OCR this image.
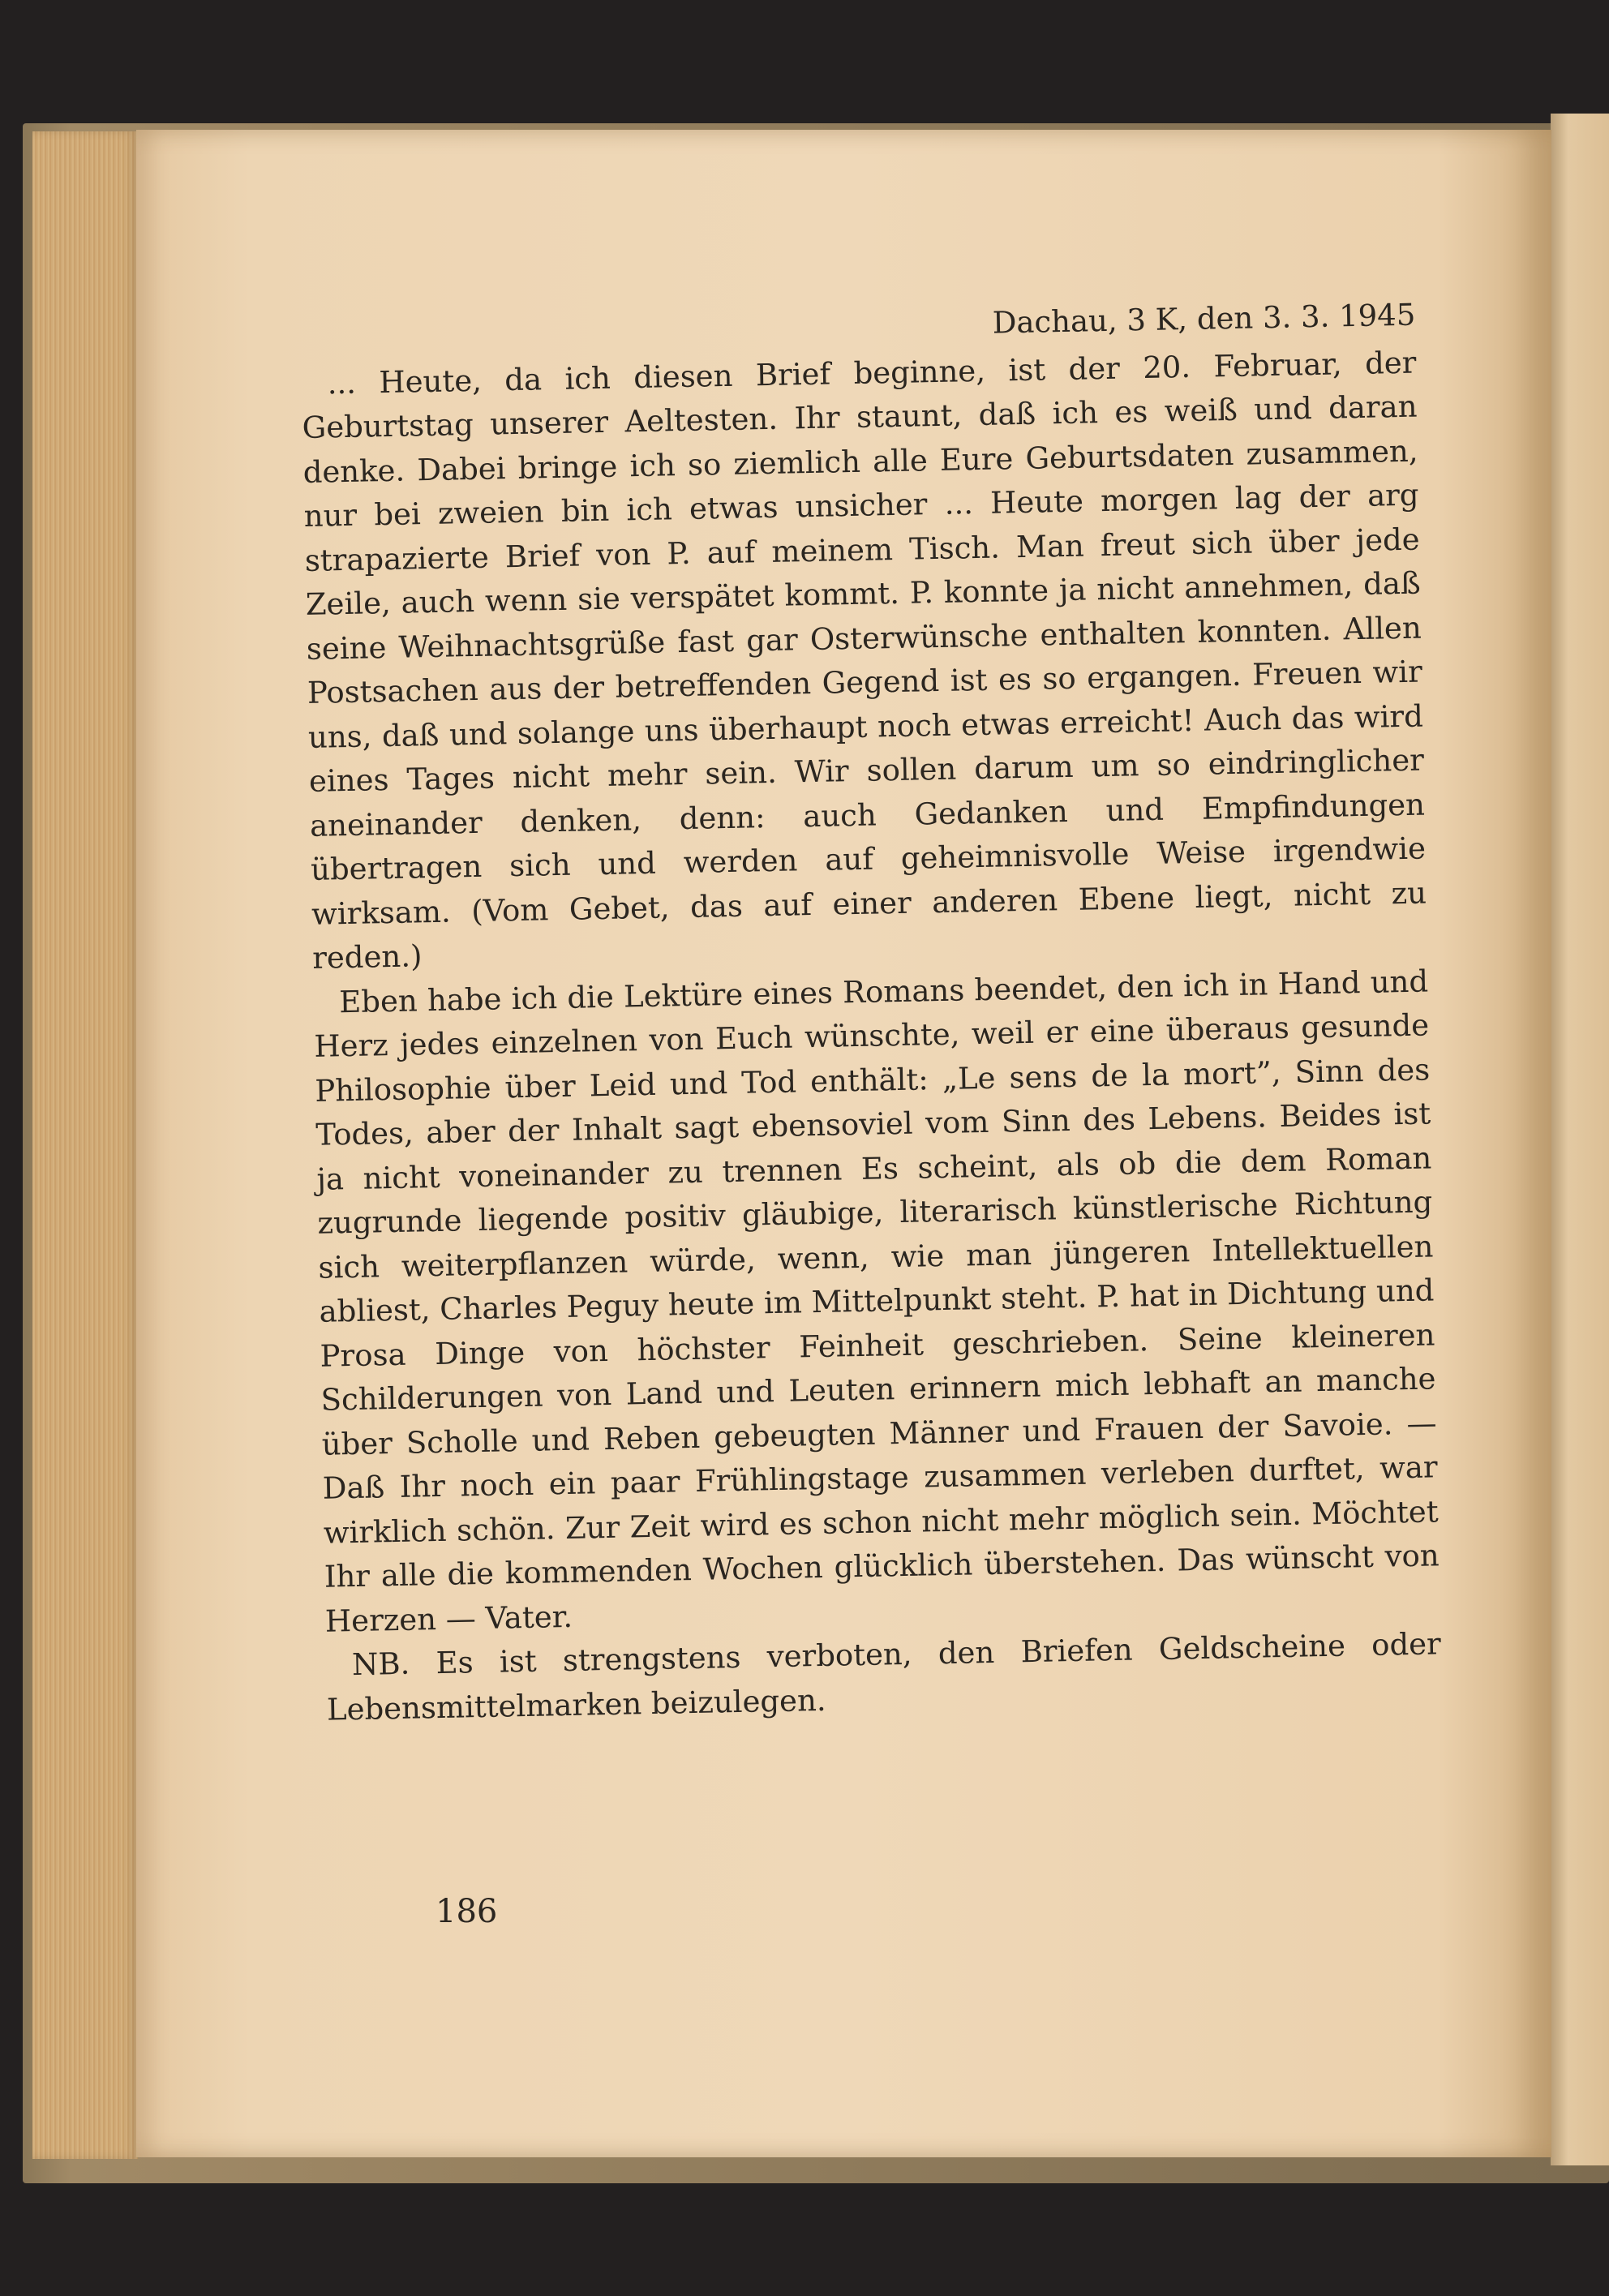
Dachau, 3 K, den 3. 3. 1945

... Heute, da ich diesen Brief beginne, ist der 20. Februar, der Geburtstag unserer Aeltesten. Ihr staunt, daß ich es weiß und daran denke. Dabei bringe ich so ziemlich alle Eure Geburtsdaten zusammen, nur bei zweien bin ich etwas unsicher ... Heute morgen lag der arg strapazierte Brief von P. auf meinem Tisch. Man freut sich über jede Zeile, auch wenn sie verspätet kommt. P. konnte ja nicht annehmen, daß seine Weihnachtsgrüße fast gar Osterwünsche enthalten konnten. Allen Postsachen aus der betreffenden Gegend ist es so ergangen. Freuen wir uns, daß und solange uns überhaupt noch etwas erreicht! Auch das wird eines Tages nicht mehr sein. Wir sollen darum um so eindringlicher aneinander denken, denn: auch Gedanken und Empfindungen übertragen sich und werden auf geheimnisvolle Weise irgendwie wirksam. (Vom Gebet, das auf einer anderen Ebene liegt, nicht zu reden.)

Eben habe ich die Lektüre eines Romans beendet, den ich in Hand und Herz jedes einzelnen von Euch wünschte, weil er eine überaus gesunde Philosophie über Leid und Tod enthält: „Le sens de la mort”, Sinn des Todes, aber der Inhalt sagt ebensoviel vom Sinn des Lebens. Beides ist ja nicht voneinander zu trennen Es scheint, als ob die dem Roman zugrunde liegende positiv gläubige, literarisch künstlerische Richtung sich weiterpflanzen würde, wenn, wie man jüngeren Intellektuellen abliest, Charles Peguy heute im Mittelpunkt steht. P. hat in Dichtung und Prosa Dinge von höchster Feinheit geschrieben. Seine kleineren Schilderungen von Land und Leuten erinnern mich lebhaft an manche über Scholle und Reben gebeugten Männer und Frauen der Savoie. — Daß Ihr noch ein paar Frühlingstage zusammen verleben durftet, war wirklich schön. Zur Zeit wird es schon nicht mehr möglich sein. Möchtet Ihr alle die kommenden Wochen glücklich überstehen. Das wünscht von Herzen — Vater.

NB. Es ist strengstens verboten, den Briefen Geldscheine oder Lebensmittelmarken beizulegen.

186
